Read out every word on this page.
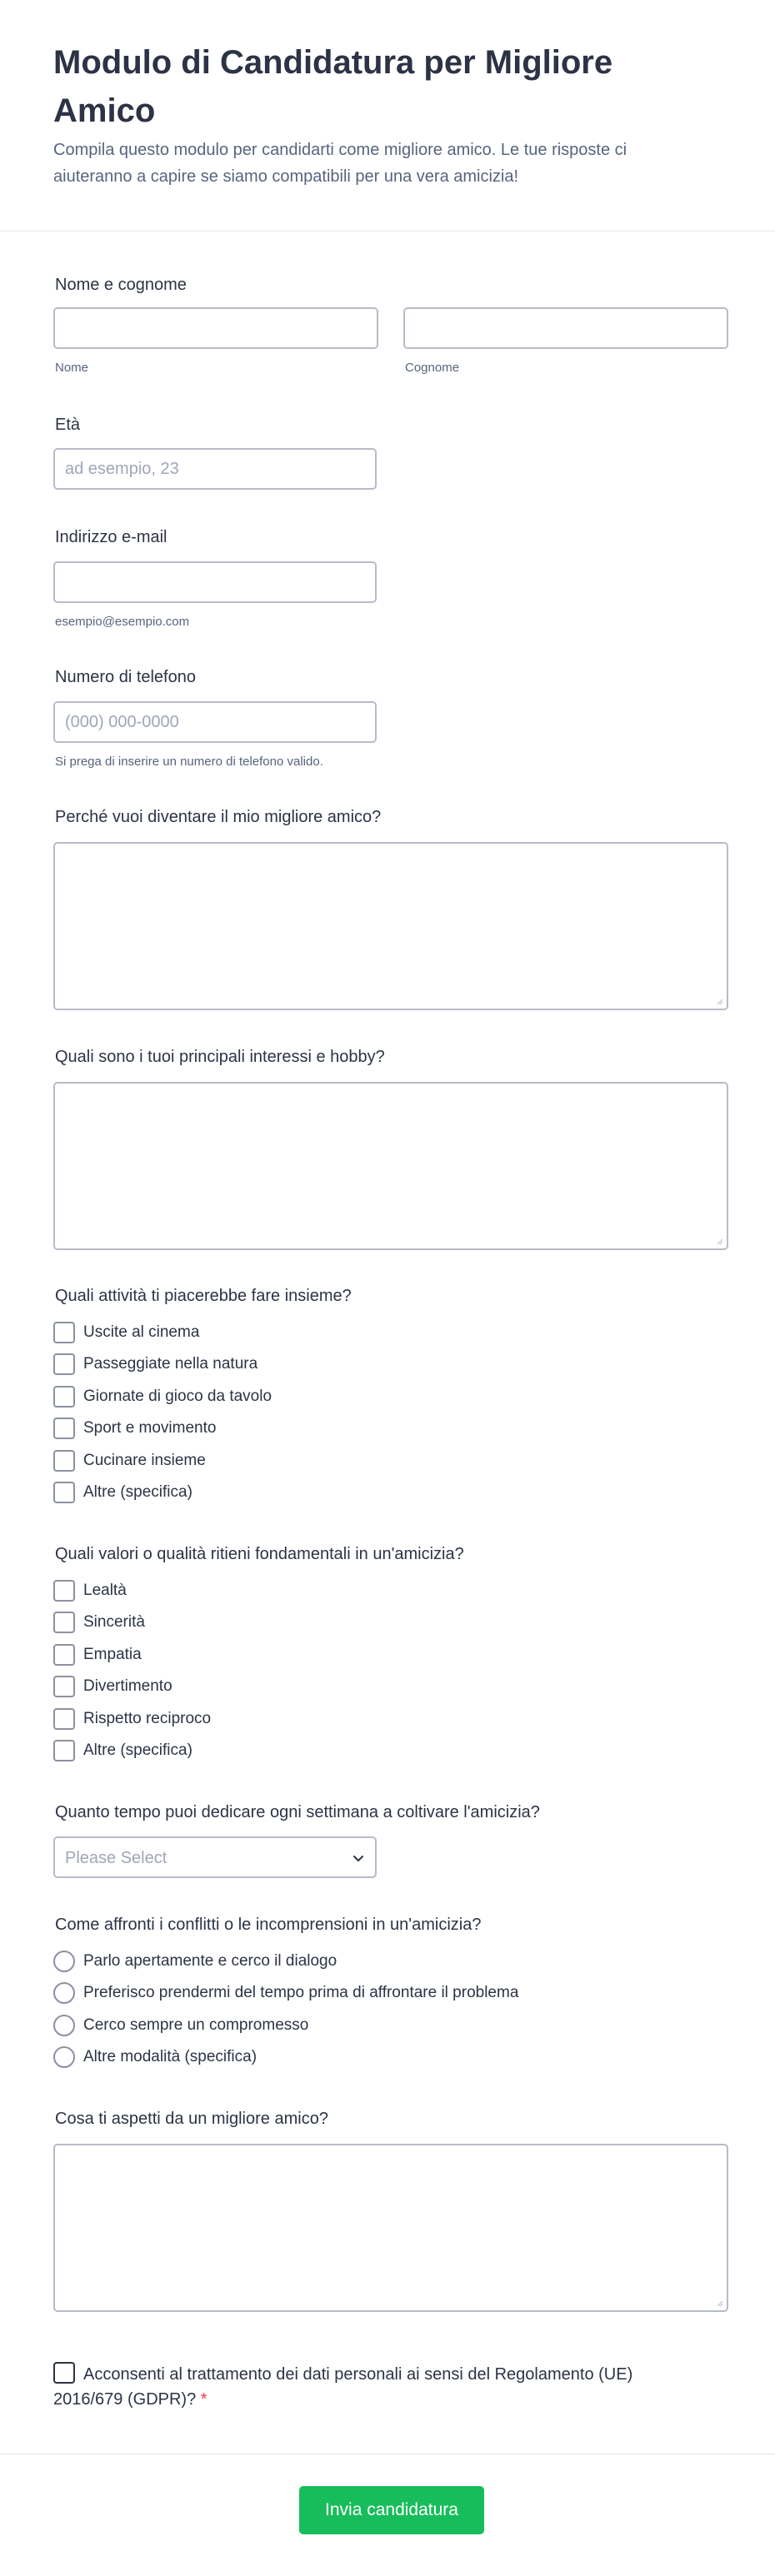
Modulo di Candidatura per Migliore Amico

Compila questo modulo per candidarti come migliore amico. Le tue risposte ci aiuteranno a capire se siamo compatibili per una vera amicizia!

Nome e cognome
Nome	Cognome
Età
ad esempio, 23
Indirizzo e-mail
esempio@esempio.com
Numero di telefono
(000) 000-0000
Si prega di inserire un numero di telefono valido.
Perché vuoi diventare il mio migliore amico?
Quali sono i tuoi principali interessi e hobby?
Quali attività ti piacerebbe fare insieme?
Uscite al cinema
Passeggiate nella natura
Giornate di gioco da tavolo
Sport e movimento
Cucinare insieme
Altre (specifica)
Quali valori o qualità ritieni fondamentali in un'amicizia?
Lealtà
Sincerità
Empatia
Divertimento
Rispetto reciproco
Altre (specifica)
Quanto tempo puoi dedicare ogni settimana a coltivare l'amicizia?
Please Select
Come affronti i conflitti o le incomprensioni in un'amicizia?
Parlo apertamente e cerco il dialogo
Preferisco prendermi del tempo prima di affrontare il problema
Cerco sempre un compromesso
Altre modalità (specifica)
Cosa ti aspetti da un migliore amico?
Acconsenti al trattamento dei dati personali ai sensi del Regolamento (UE) 2016/679 (GDPR)? *
Invia candidatura
